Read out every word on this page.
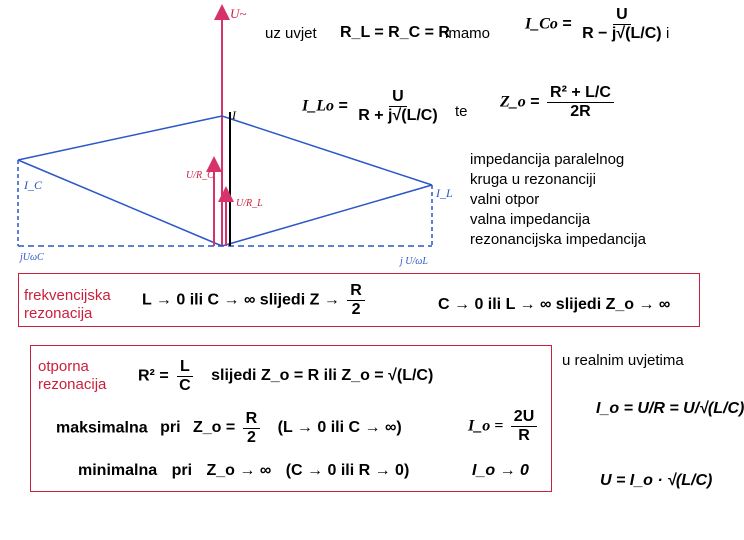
U~
I
I_C
I_L
U/R_C
U/R_L
jUωC	j U/ωL
uz uvjet R_L = R_C = R
imamo
I_Co = $\frac{U}{R - j√(L/C)}$ i
I_Lo = $\frac{U}{R + j√(L/C)}$ te
Z_o = $\frac{\text{R² + L/C}}{2R}$
impedancija paralelnog
kruga u rezonanciji
valni otpor
valna impedancija
rezonancijska impedancija
frekvencijska
rezonacija
L → 0 ili C → ∞ slijedi $Z \to \frac{R}{2}$	C → 0 ili L → ∞ slijedi Z_o → ∞
otporna
rezonacija
$R^2 = \frac{L}{C}$ slijedi Z_o = R ili Z_o = √(L/C)
maksimalna pri Z_o = $\frac{R}{2} (L \to 0$ ili C → ∞)	I_o = $\frac{2U}{R}$
minimalna pri Z_o → ∞ (C → 0 ili R → 0)	I_o → 0
u realnim uvjetima
I_o = U/R = U/√(L/C)
U = I_o · √(L/C)
